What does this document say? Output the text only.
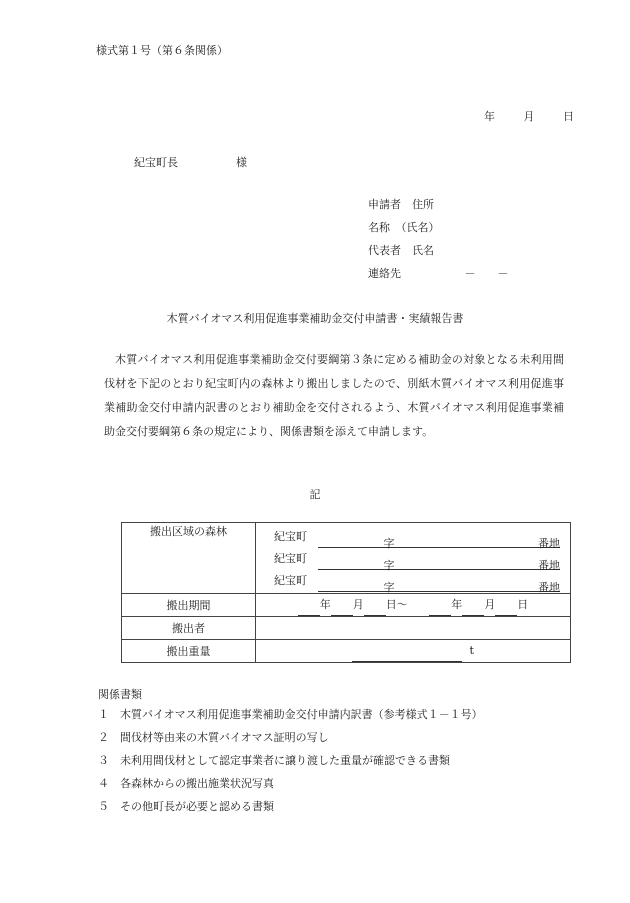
様式第１号（第６条関係）
年	月	日
紀宝町長	様
申請者　住所
名称　（氏名）
代表者　氏名
連絡先	－　　－
木質バイオマス利用促進事業補助金交付申請書・実績報告書
木質バイオマス利用促進事業補助金交付要綱第３条に定める補助金の対象となる未利用間伐材を下記のとおり紀宝町内の森林より搬出しましたので、別紙木質バイオマス利用促進事業補助金交付申請内訳書のとおり補助金を交付されるよう、木質バイオマス利用促進事業補助金交付要綱第６条の規定により、関係書類を添えて申請します。
記
搬出区域の森林	紀宝町字 番地
紀宝町字 番地
紀宝町字 番地

搬出期間	年 月 日～ 年 月 日

搬出者	
搬出重量	t
関係書類
１ 木質バイオマス利用促進事業補助金交付申請内訳書（参考様式１－１号）
２ 間伐材等由来の木質バイオマス証明の写し
３ 未利用間伐材として認定事業者に譲り渡した重量が確認できる書類
４ 各森林からの搬出施業状況写真
５ その他町長が必要と認める書類
